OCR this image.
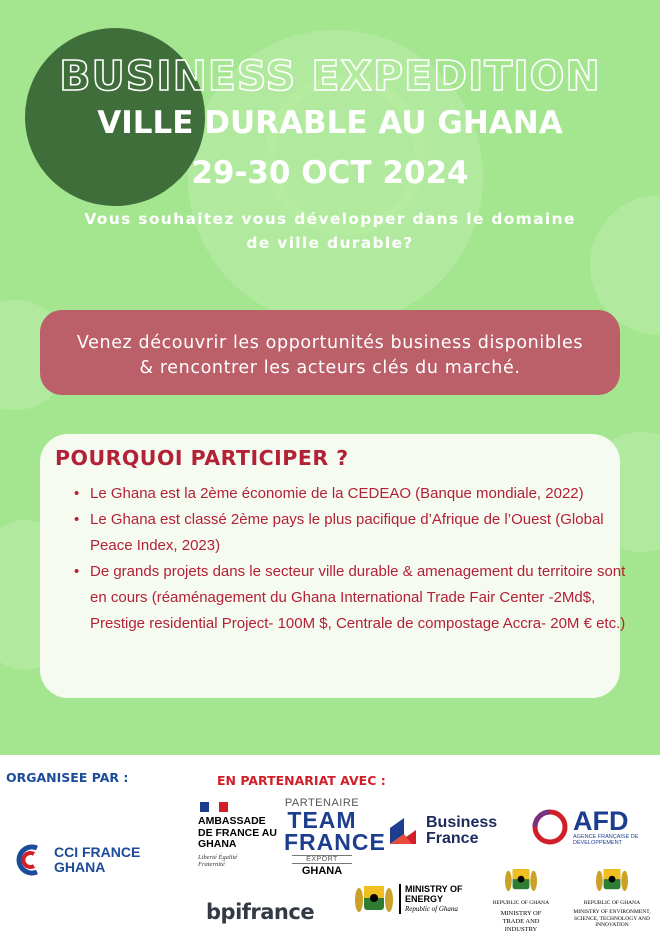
BUSINESS EXPEDITION
VILLE DURABLE AU GHANA
29-30 OCT 2024
Vous souhaitez vous développer dans le domaine de ville durable?
Venez découvrir les opportunités business disponibles & rencontrer les acteurs clés du marché.
POURQUOI PARTICIPER ?
• Le Ghana est la 2ème économie de la CEDEAO (Banque mondiale, 2022)
• Le Ghana est classé 2ème pays le plus pacifique d’Afrique de l’Ouest (Global Peace Index, 2023)
• De grands projets dans le secteur ville durable & amenagement du territoire sont en cours (réaménagement du Ghana International Trade Fair Center -2Md$, Prestige residential Project- 100M $, Centrale de compostage Accra- 20M € etc.)
ORGANISEE PAR :	EN PARTENARIAT AVEC :
CCI FRANCE GHANA
AMBASSADE DE FRANCE AU GHANA
Liberté Égalité Fraternité
PARTENAIRE
TEAM
FRANCE
EXPORT
GHANA
Business France
AFD
AGENCE FRANÇAISE DE DÉVELOPPEMENT
MINISTRY OF ENERGY
Republic of Ghana
REPUBLIC OF GHANA
MINISTRY OF TRADE AND INDUSTRY
REPUBLIC OF GHANA
MINISTRY OF ENVIRONMENT, SCIENCE, TECHNOLOGY AND INNOVATION
bpifrance
